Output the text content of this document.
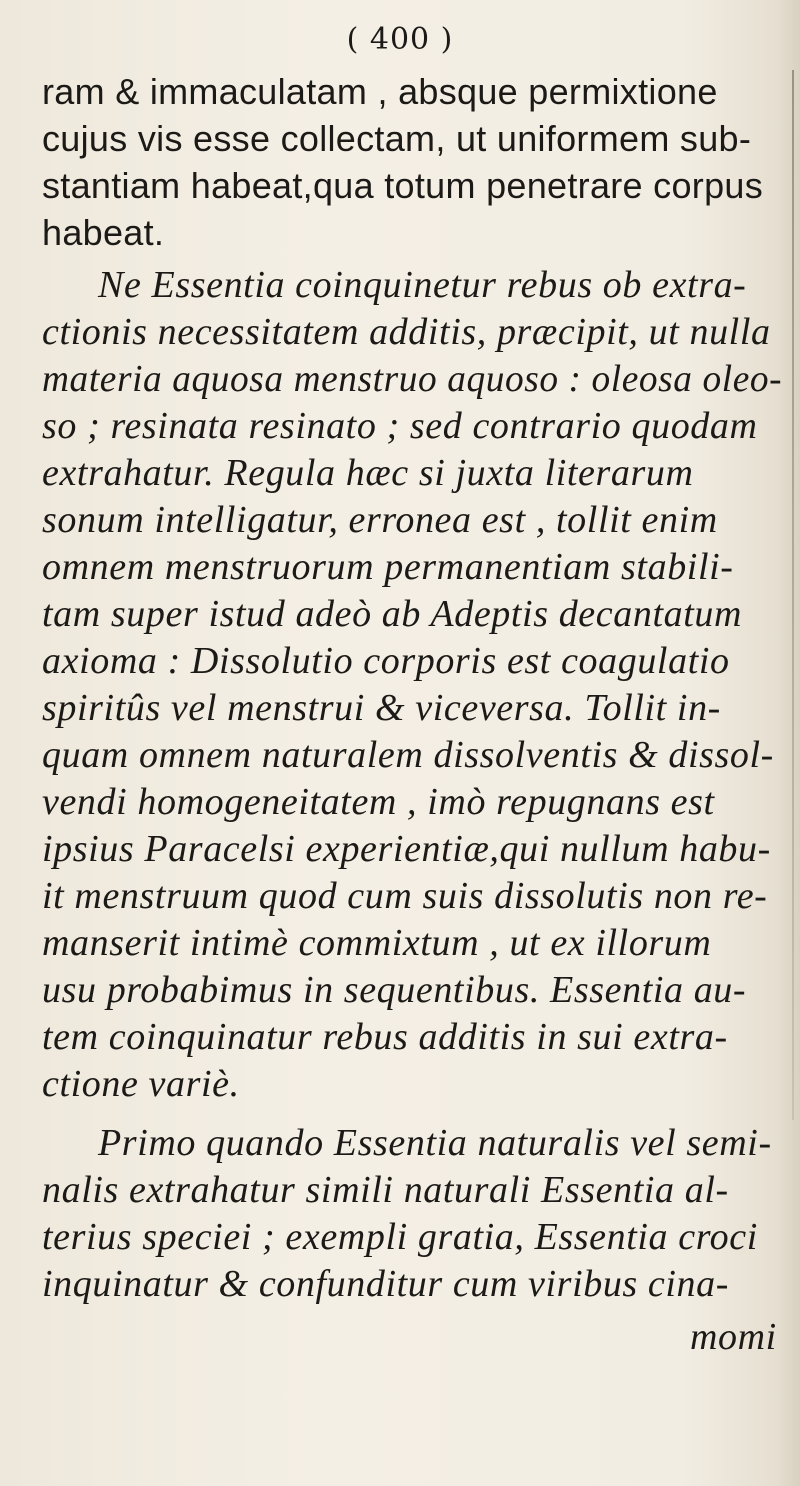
( 400 )
ram & immaculatam , absque permixtione
cujus vis esse collectam, ut uniformem sub-
stantiam habeat,qua totum penetrare corpus
habeat.
Ne Essentia coinquinetur rebus ob extra-
ctionis necessitatem additis, præcipit, ut nulla
materia aquosa menstruo aquoso : oleosa oleo-
so ; resinata resinato ; sed contrario quodam
extrahatur. Regula hæc si juxta literarum
sonum intelligatur, erronea est , tollit enim
omnem menstruorum permanentiam stabili-
tam super istud adeò ab Adeptis decantatum
axioma : Dissolutio corporis est coagulatio
spiritûs vel menstrui & viceversa. Tollit in-
quam omnem naturalem dissolventis & dissol-
vendi homogeneitatem , imò repugnans est
ipsius Paracelsi experientiæ,qui nullum habu-
it menstruum quod cum suis dissolutis non re-
manserit intimè commixtum , ut ex illorum
usu probabimus in sequentibus. Essentia au-
tem coinquinatur rebus additis in sui extra-
ctione variè.
Primo quando Essentia naturalis vel semi-
nalis extrahatur simili naturali Essentia al-
terius speciei ; exempli gratia, Essentia croci
inquinatur & confunditur cum viribus cina-
momi
